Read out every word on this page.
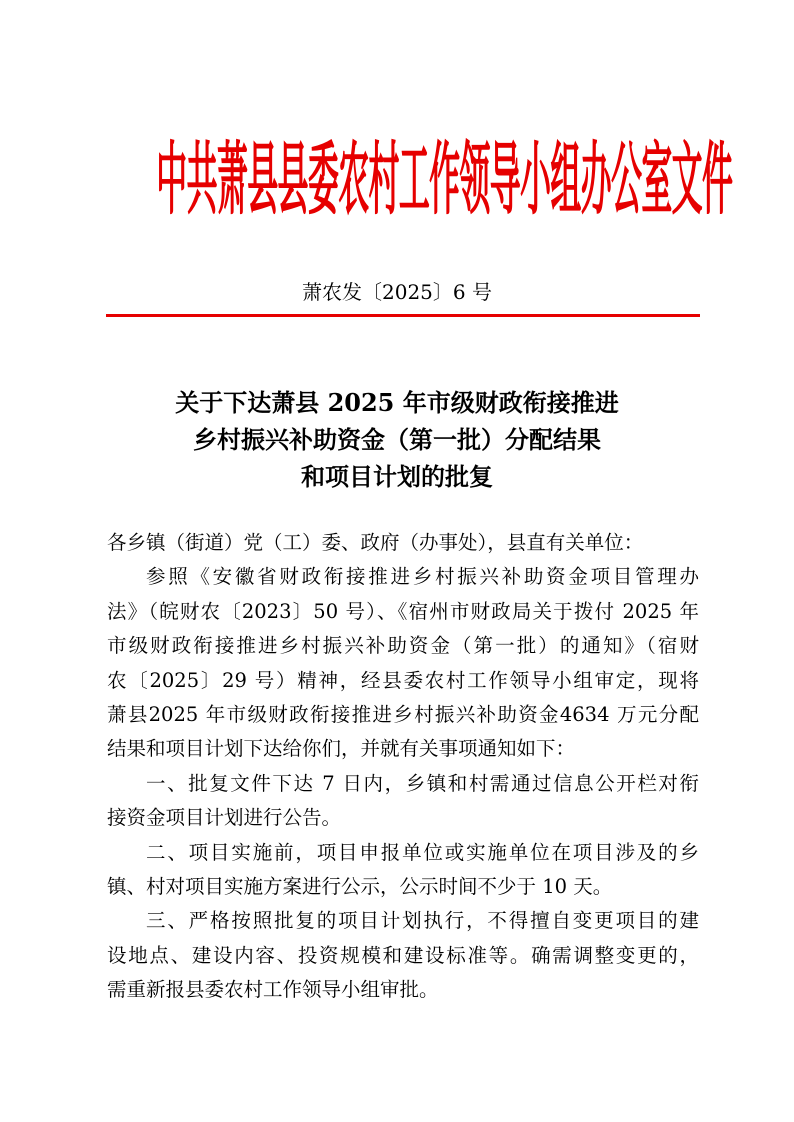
中共萧县县委农村工作领导小组办公室文件
萧农发〔2025〕6 号
关于下达萧县 2025 年市级财政衔接推进
乡村振兴补助资金（第一批）分配结果
和项目计划的批复
各乡镇（街道）党（工）委、政府（办事处），县直有关单位：
参照《安徽省财政衔接推进乡村振兴补助资金项目管理办
法》（皖财农〔2023〕50 号）、《宿州市财政局关于拨付 2025 年
市级财政衔接推进乡村振兴补助资金（第一批）的通知》（宿财
农〔2025〕29 号）精神，经县委农村工作领导小组审定，现将
萧县2025 年市级财政衔接推进乡村振兴补助资金4634 万元分配
结果和项目计划下达给你们，并就有关事项通知如下：
一、批复文件下达 7 日内，乡镇和村需通过信息公开栏对衔
接资金项目计划进行公告。
二、项目实施前，项目申报单位或实施单位在项目涉及的乡
镇、村对项目实施方案进行公示，公示时间不少于 10 天。
三、严格按照批复的项目计划执行，不得擅自变更项目的建
设地点、建设内容、投资规模和建设标准等。确需调整变更的，
需重新报县委农村工作领导小组审批。
